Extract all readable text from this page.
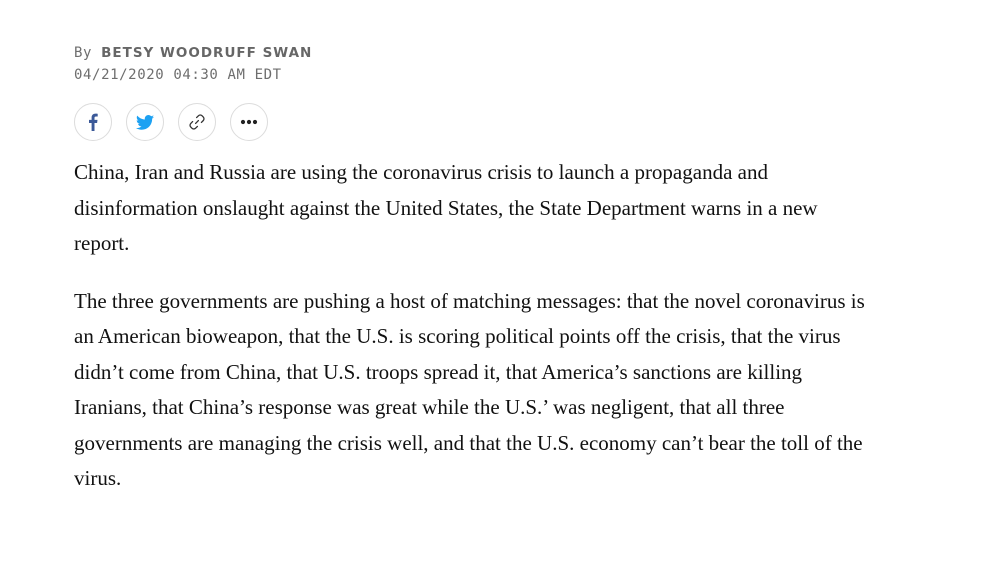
By BETSY WOODRUFF SWAN
04/21/2020 04:30 AM EDT

China, Iran and Russia are using the coronavirus crisis to launch a propaganda and disinformation onslaught against the United States, the State Department warns in a new report.

The three governments are pushing a host of matching messages: that the novel coronavirus is an American bioweapon, that the U.S. is scoring political points off the crisis, that the virus didn’t come from China, that U.S. troops spread it, that America’s sanctions are killing Iranians, that China’s response was great while the U.S.’ was negligent, that all three governments are managing the crisis well, and that the U.S. economy can’t bear the toll of the virus.
